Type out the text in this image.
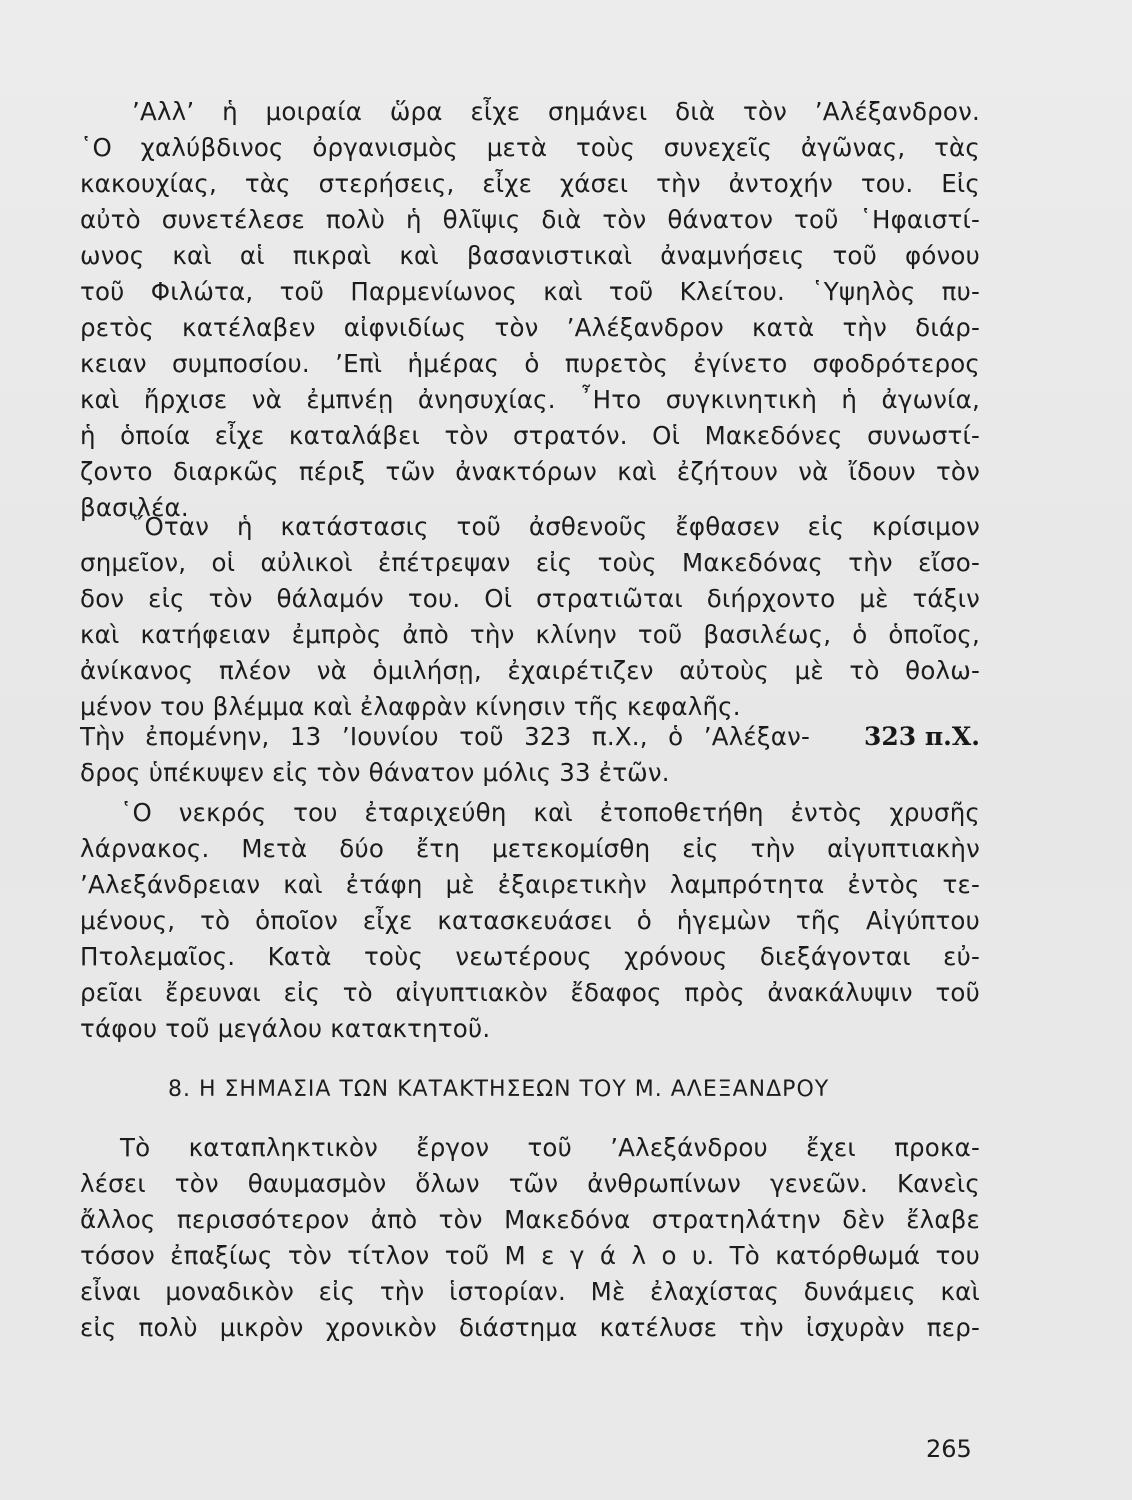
’Αλλ’ ἡ μοιραία ὥρα εἶχε σημάνει διὰ τὸν ’Αλέξανδρον.
῾Ο χαλύβδινος ὀργανισμὸς μετὰ τοὺς συνεχεῖς ἀγῶνας, τὰς
κακουχίας, τὰς στερήσεις, εἶχε χάσει τὴν ἀντοχήν του. Εἰς
αὐτὸ συνετέλεσε πολὺ ἡ θλῖψις διὰ τὸν θάνατον τοῦ ῾Ηφαιστί-
ωνος καὶ αἱ πικραὶ καὶ βασανιστικαὶ ἀναμνήσεις τοῦ φόνου
τοῦ Φιλώτα, τοῦ Παρμενίωνος καὶ τοῦ Κλείτου. ῾Υψηλὸς πυ-
ρετὸς κατέλαβεν αἰφνιδίως τὸν ’Αλέξανδρον κατὰ τὴν διάρ-
κειαν συμποσίου. ’Επὶ ἡμέρας ὁ πυρετὸς ἐγίνετο σφοδρότερος
καὶ ἤρχισε νὰ ἐμπνέῃ ἀνησυχίας. ῏Ητο συγκινητικὴ ἡ ἀγωνία,
ἡ ὁποία εἶχε καταλάβει τὸν στρατόν. Οἱ Μακεδόνες συνωστί-
ζοντο διαρκῶς πέριξ τῶν ἀνακτόρων καὶ ἐζήτουν νὰ ἴδουν τὸν
βασιλέα.
῞Οταν ἡ κατάστασις τοῦ ἀσθενοῦς ἔφθασεν εἰς κρίσιμον
σημεῖον, οἱ αὐλικοὶ ἐπέτρεψαν εἰς τοὺς Μακεδόνας τὴν εἴσο-
δον εἰς τὸν θάλαμόν του. Οἱ στρατιῶται διήρχοντο μὲ τάξιν
καὶ κατήφειαν ἐμπρὸς ἀπὸ τὴν κλίνην τοῦ βασιλέως, ὁ ὁποῖος,
ἀνίκανος πλέον νὰ ὁμιλήσῃ, ἐχαιρέτιζεν αὐτοὺς μὲ τὸ θολω-
μένον του βλέμμα καὶ ἐλαφρὰν κίνησιν τῆς κεφαλῆς.
Τὴν ἐπομένην, 13 ’Ιουνίου τοῦ 323 π.Χ., ὁ ’Αλέξαν- 323 π.Χ.
δρος ὑπέκυψεν εἰς τὸν θάνατον μόλις 33 ἐτῶν.
῾Ο νεκρός του ἐταριχεύθη καὶ ἐτοποθετήθη ἐντὸς χρυσῆς
λάρνακος. Μετὰ δύο ἔτη μετεκομίσθη εἰς τὴν αἰγυπτιακὴν
’Αλεξάνδρειαν καὶ ἐτάφη μὲ ἐξαιρετικὴν λαμπρότητα ἐντὸς τε-
μένους, τὸ ὁποῖον εἶχε κατασκευάσει ὁ ἡγεμὼν τῆς Αἰγύπτου
Πτολεμαῖος. Κατὰ τοὺς νεωτέρους χρόνους διεξάγονται εὐ-
ρεῖαι ἔρευναι εἰς τὸ αἰγυπτιακὸν ἔδαφος πρὸς ἀνακάλυψιν τοῦ
τάφου τοῦ μεγάλου κατακτητοῦ.
8. Η ΣΗΜΑΣΙΑ ΤΩΝ ΚΑΤΑΚΤΗΣΕΩΝ ΤΟΥ Μ. ΑΛΕΞΑΝΔΡΟΥ
Τὸ καταπληκτικὸν ἔργον τοῦ ’Αλεξάνδρου ἔχει προκα-
λέσει τὸν θαυμασμὸν ὅλων τῶν ἀνθρωπίνων γενεῶν. Κανεὶς
ἄλλος περισσότερον ἀπὸ τὸν Μακεδόνα στρατηλάτην δὲν ἔλαβε
τόσον ἐπαξίως τὸν τίτλον τοῦ Μ ε γ ά λ ο υ. Τὸ κατόρθωμά του
εἶναι μοναδικὸν εἰς τὴν ἱστορίαν. Μὲ ἐλαχίστας δυνάμεις καὶ
εἰς πολὺ μικρὸν χρονικὸν διάστημα κατέλυσε τὴν ἰσχυρὰν περ-
265
